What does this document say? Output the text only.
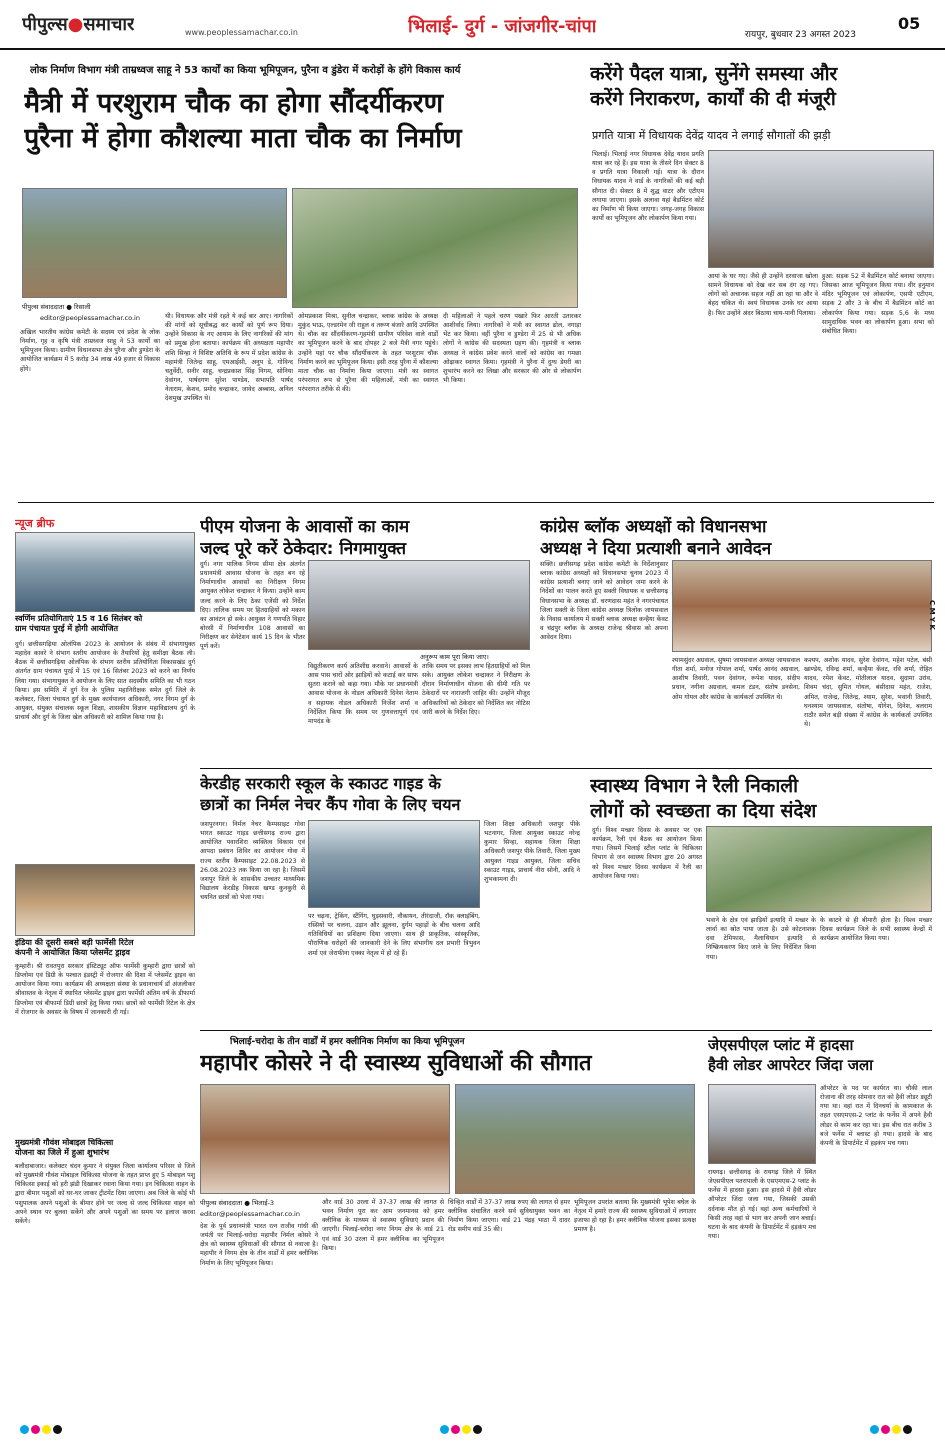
पीपुल्स●समाचार	www.peoplessamachar.co.in	भिलाई- दुर्ग - जांजगीर-चांपा	रायपुर, बुधवार 23 अगस्त 2023
05
लोक निर्माण विभाग मंत्री ताम्रध्वज साहू ने 53 कार्यों का किया भूमिपूजन, पुरैना व डुंडेरा में करोड़ों के होंगे विकास कार्य
मैत्री में परशुराम चौक का होगा सौंदर्यीकरण
पुरैना में होगा कौशल्या माता चौक का निर्माण
पीपुल्स संवाददाता ● रिसाली
editor@peoplessamachar.co.in
अखिल भारतीय कांग्रेस कमेटी के सदस्य एवं प्रदेश के लोक निर्माण, गृह व कृषि मंत्री ताम्रध्वज साहू ने 53 कार्यों का भूमिपूजन किया। ग्रामीण विधानसभा क्षेत्र पुरैना और डुण्डेरा के आयोजित कार्यक्रम में 5 करोड़ 34 लाख 49 हजार से विकास होंगे।
थी। विधायक और मंत्री रहते ये कई बार आए। नागरिकों की मांगों को सूचीबद्ध कर कार्यों को पूर्ण रूप दिया। उन्होंने विकास के नए आयाम के लिए नागरिकों की मांग को प्रमुख होना बताया। कार्यक्रम की अध्यक्षता महापौर शशि सिन्हा ने विशिष्ट अतिथि के रूप में प्रदेश कांग्रेस के महामंत्री जितेन्द्र साहू, एमआईसी, अनुप डे, गोविन्द चतुर्वेदी, सनीर साहू, चन्द्रप्रकाश सिंह निगम, सोनिया देवांगन, पार्षदगण सुरेश पाण्डेय, सभापति पार्षद नेताराम, केशव, प्रमोद चन्द्राकर, जावेद अब्बास, अनिल देशमुख उपस्थित थे।
ओमप्रकाश मिश्रा, सुनील चन्द्राकर, ब्लाक कांग्रेस के अध्यक्ष मुकुंद भाऊ, एल्डरमेन जी राहुल व तरूण बंजारे आदि उपस्थित थे। चौक का सौंदर्यीकरण-गृहमंत्री ग्रामीण परिवेश वाले वार्डों का भूमिपूजन करने के बाद दोपहर 2 बजे मैत्री नगर पहुंचे। उन्होंने यहां पर चौक सौंदर्यीकरण के तहत परशुराम चौक निर्माण करने का भूमिपूजन किया। इसी तरह पुरैना में कौशल्या माता चौक का निर्माण किया जाएगा। मंत्री का स्वागत परंपरागत रूप से पुरैना की महिलाओं, मंत्री का स्वागत परंपरागत तरीके से की।
दी महिलाओं ने पहले चरण पखारे फिर आरती उतारकर आशीर्वाद लिया। नागरिकों ने मंत्री का स्वागत ढोल, नगाड़ा भेंट कर किया। वहीं पुरैना व डुण्डेरा में 25 से भी अधिक लोगों ने कांग्रेस की सदस्यता ग्रहण की। गृहमंत्री व ब्लाक अध्यक्ष ने कांग्रेस प्रवेश करने वालों को कांग्रेस का गमछा ओढ़ाकर स्वागत किया। गृहमंत्री ने पुरैना में दुग्ध डेयरी का शुभारंभ करने का लिखा और सरकार की ओर से लोकार्पण भी किया।
करेंगे पैदल यात्रा, सुनेंगे समस्या और
करेंगे निराकरण, कार्यों की दी मंजूरी
प्रगति यात्रा में विधायक देवेंद्र यादव ने लगाई सौगातों की झड़ी
भिलाई। भिलाई नगर विधायक देवेंद्र यादव प्रगति यात्रा कर रहे हैं। इस यात्रा के तीसरे दिन सेक्टर 8 व प्रगति यात्रा निकाली गई। यात्रा के दौरान विधायक यादव ने वार्ड के नागरिकों की कई बड़ी सौगात दी। सेक्टर 8 में शुद्ध वाटर और एटीएम लगाया जाएगा। इसके अलावा यहां बैडमिंटन कोर्ट का निर्माण भी किया जाएगा। जगह-जगह विकास कार्यों का भूमिपूजन और लोकार्पण किया गया।
आयां के घर गए। जैसे ही उन्होंने दरवाजा खोला सामने विधायक को देख कर सब दंग रह गए। लोगों को अचानक सहज नहीं आ रहा था और वे बेहद चकित थे। स्वयं विधायक उनके घर आया है। फिर उन्होंने अंदर बिठाया चाय-पानी पिलाया।
हुआ: सड़क 52 में बैडमिंटन कोर्ट बनाया जाएगा। जिसका आज भूमिपूजन किया गया। वीर हनुमान मंदिर भूमिपूजन एवं लोकार्पण, एसपी एटीएम, सड़क 2 और 3 के बीच में बैडमिंटन कोर्ट का लोकार्पण किया गया। सड़क 5,6 के मध्य सामुदायिक भवन का लोकार्पण हुआ। सभा को संबोधित किया।
न्यूज ब्रीफ
स्वर्णिम प्रतियोगिताएं 15 व 16 सितंबर को
ग्राम पंचायत पुरई में होगी आयोजित
दुर्ग। छत्तीसगढ़िया ओलंपिक 2023 के आयोजन के संबंध में संभागायुक्त महादेव कावरे ने संभाग स्तरीय आयोजन के तैयारियों हेतु समीक्षा बैठक ली। बैठक में छत्तीसगढ़िया ओलंपिक के संभाग स्तरीय प्रतियोगिता विकासखंड दुर्ग अंतर्गत ग्राम पंचायत पुरई में 15 एवं 16 सितंबर 2023 को करने का निर्णय लिया गया। संभागायुक्त ने आयोजन के लिए सात सदस्यीय समिति का भी गठन किया। इस समिति में दुर्ग रेंज के पुलिस महानिरीक्षक समेत दुर्ग जिले के कलेक्टर, जिला पंचायत दुर्ग के मुख्य कार्यपालन अधिकारी, नगर निगम दुर्ग के आयुक्त, संयुक्त संचालक स्कूल शिक्षा, शासकीय विज्ञान महाविद्यालय दुर्ग के प्राचार्य और दुर्ग के जिला खेल अधिकारी को शामिल किया गया है।
इंडिया की दूसरी सबसे बड़ी फार्मेसी रिटेल
कंपनी ने आयोजित किया प्लेसमेंट ड्राइव
कुम्हारी। श्री रावतपुरा सरकार इंस्टिट्यूट ऑफ फार्मेसी कुम्हारी द्वारा छात्रों को डिप्लोमा एवं डिग्री के पश्चात इंडस्ट्री में रोजगार की दिशा में प्लेसमेंट ड्राइव का आयोजन किया गया। कार्यक्रम की अध्यक्षता संस्था के प्रधानाचार्य डॉ अंजलीकर श्रीवास्तव के नेतृत्व में स्थापित प्लेसमेंट ड्राइव द्वारा फार्मेसी अंतिम वर्ष के डीफार्मा डिप्लोमा एवं बीफार्मा डिग्री छात्रों हेतु किया गया। छात्रों को फार्मेसी रिटेल के क्षेत्र में रोजगार के अवसर के विषय में जानकारी दी गई।
मुख्यमंत्री गौवंश मोबाइल चिकित्सा
योजना का जिले में हुआ शुभारंभ
बलौदाबाजार। कलेक्टर चंदन कुमार ने संयुक्त जिला कार्यालय परिसर से जिले को मुख्यमंत्री गौवंश मोबाइल चिकित्सा योजना के तहत प्राप्त हुए 5 मोबाइल पशु चिकित्सा इकाई को हरी झंडी दिखाकर रवाना किया गया। इन चिकित्सा वाहन के द्वारा बीमार पशुओं को घर-घर जाकर ट्रीटमेंट दिया जाएगा। अब जिले के कोई भी पशुपालक अपने पशुओं के बीमार होने पर जल्द से जल्द चिकित्सा वाहन को अपने स्थान पर बुलवा सकेंगे और अपने पशुओं का समय पर इलाज करवा सकेंगे।
पीएम योजना के आवासों का काम
जल्द पूरे करें ठेकेदार: निगमायुक्त
दुर्ग। नगर पालिक निगम सीमा क्षेत्र अंतर्गत प्रधानमंत्री आवास योजना के तहत बन रहे निर्माणाधीन आवासों का निरीक्षण निगम आयुक्त लोकेश चन्द्राकर ने किया। उन्होंने काम जल्द करने के लिए ठेका एजेंसी को निर्देश दिए। तालिक समय पर हितग्राहियों को मकान का आवंटन हो सके। आयुक्त ने गणपति विहार बोरसी में निर्माणाधीन 108 आवासों का निरीक्षण कर सेनेटेशन कार्य 15 दिन के भीतर पूर्ण करें।
अनुरूप काम पूरा किया जाए।
विद्युतीकरण कार्य अतिशीघ्र करवाने। आवासों के आस पास चारों ओर झाड़ियों को कटाई कर साफ सुतरा कराने को कहा गया। मौके पर प्रधानमंत्री आवास योजना के नोडल अधिकारी दिनेश नेताम व सहायक नोडल अधिकारी निर्जेश शर्मा व निर्देशित किया कि समय पर गुणवत्तापूर्ण एवं मापदंड के
ताकि समय पर इसका लाभ हितग्राहियों को मिल सके। आयुक्त लोकेश चन्द्राकर ने निरीक्षण के दौरान निर्माणाधीन योजना की धीमी गति पर ठेकेदारों पर नाराजगी जाहिर की। उन्होंने मौजूद अधिकारियों को ठेकेदार को निर्देशित कर नोटिस जारी करने के निर्देश दिए।
कांग्रेस ब्लॉक अध्यक्षों को विधानसभा
अध्यक्ष ने दिया प्रत्याशी बनाने आवेदन
सक्ति। छत्तीसगढ़ प्रदेश कांग्रेस कमेटी के निर्देशानुसार ब्लाक कांग्रेस अध्यक्षों को विधानसभा चुनाव 2023 में कांग्रेस प्रत्याशी बनाए जाने को आवेदन जमा करने के निर्देशों का पालन करते हुए सक्ती विधायक व छत्तीसगढ़ विधानसभा के अध्यक्ष डॉ. चरणदास महंत ने नगरपंचायत जिला सक्ती के जिला कांग्रेस अध्यक्ष त्रिलोक जायसवाल के निवास कार्यालय में सक्ती ब्लाक अध्यक्ष कन्हैया केंवट व चंद्रपुर ब्लॉक के अध्यक्ष राजेन्द्र श्रीवास को अपना आवेदन दिया।
श्यामसुंदर अग्रवाल, सुषमा जायसवाल अध्यक्ष जायसवाल गीता शर्मा, मनोज गोपाल शर्मा, पार्षद आनंद अग्रवाल, आशीष तिवारी, पवन देवांगन, रूपेश यादव, संदीप प्रधान, नगीना अग्रवाल, कमल टंडन, संतोष डनसेना, ओम गोयल और कांग्रेस के कार्यकर्ता उपस्थित थे।
कश्यप, अशोक यादव, सुरेश देवांगन, महेश पटेल, बंसी खाण्डेय, रविन्द्र शर्मा, कन्हैया केंवट, रवि शर्मा, रोहित यादव, रमेश केंवट, मोतीलाल यादव, सुदामा उरांव, शिवम चंदा, सुमित गोयल, बंसीदास महंत, राजेश, अमित, राजेन्द्र, जितेन्द्र, श्याम, सुरेश, भवानी तिवारी, घनश्याम जायसवाल, संतोषा, योगेश, दिनेश, बलराम राठौर समेत बड़ी संख्या में कांग्रेस के कार्यकर्ता उपस्थित थे।
केरडीह सरकारी स्कूल के स्काउट गाइड के
छात्रों का निर्मल नेचर कैंप गोवा के लिए चयन
जशपुरनगर। निर्मल नेचर कैम्पसाइट गोवा भारत स्काउट गाइड छत्तीसगढ़ राज्य द्वारा आयोजित पवारशिरा व्यक्तित्व विकास एवं आपदा प्रबंधन शिविर का आयोजन गोवा में राज्य स्तरीय कैंम्पसाइट 22.08.2023 से 26.08.2023 तक किया जा रहा है। जिसमें जशपुर जिले के शासकीय उच्चतर माध्यमिक विद्यालय केरडीह विकास खण्ड कुनकुरी से चयनित छात्रों को भेजा गया।
पर चढ़ना, ट्रेकिंग, स्टैंगिंग, घुड़सवारी, नौकायन, तीरंदाजी, रॉक क्लाइंबिंग, रस्सियों पर चलना, उड़ान और झूलना, दुर्गम पहाड़ों के बीच चलना आदि गतिविधियों का प्रशिक्षण दिया जाएगा। साथ ही प्राकृतिक, सांस्कृतिक, पौराणिक धरोहरों की जानकारी देने के लिए संभागीय दल प्रभारी त्रिभुवन शर्मा एवं जेराफीना एक्का नेतृत्व में हो रहे हैं।
जिला शिक्षा अधिकारी जशपुर पीके भटनागर, जिला आयुक्त स्काउट नरेन्द्र कुमार सिन्हा, सहायक जिला शिक्षा अधिकारी जशपुर पीके तिवारी, जिला मुख्य आयुक्त गाइड आयुक्त, जिला सचिव स्काउट गाइड, प्राचार्य नीरा सोनी, आदि ने शुभकामना दी।
स्वास्थ्य विभाग ने रैली निकाली
लोगों को स्वच्छता का दिया संदेश
दुर्ग। विश्व मच्छर दिवस के अवसर पर एक कार्यक्रम, रैली एवं बैठक का आयोजन किया गया। जिसमें भिलाई स्टील प्लांट के चिकित्सा विभाग से जन स्वास्थ्य विभाग द्वारा 20 अगस्त को विश्व मच्छर दिवस कार्यक्रम में रैली का आयोजन किया गया।
भवाने के क्षेत्र एवं झाड़ियों इत्यादि में मच्छर के लार्वा का स्रोत पाया जाता है। उसे कोटनाशक दवा टेमिफास, मैलाथियान इत्यादि से निष्क्रियकरण किए जाने के लिए निर्देशित किया गया।
के काटने से ही बीमारी होता है। विश्व मच्छर दिवस कार्यक्रम जिले के सभी स्वास्थ्य केन्द्रों में कार्यक्रम आयोजित किया गया।
भिलाई-चरोदा के तीन वार्डों में हमर क्लीनिक निर्माण का किया भूमिपूजन
महापौर कोसरे ने दी स्वास्थ्य सुविधाओं की सौगात
पीपुल्स संवाददाता ● भिलाई-3
editor@peoplessamachar.co.in
देश के पूर्व प्रधानमंत्री भारत रत्न राजीव गांधी की जयंती पर भिलाई-चरोदा महापौर निर्मल कोसरे ने क्षेत्र को स्वास्थ्य सुविधाओं की सौगात से नवाजा है। महापौर ने निगम क्षेत्र के तीन वार्डों में हमर क्लीनिक निर्माण के लिए भूमिपूजन किया।
और वार्ड 30 उरला में 37-37 लाख की लागत से भवन निर्माण पूरा कर आम जनमानस को हमर क्लीनिक के माध्यम से स्वास्थ्य सुविधाएं प्रदान की जाएगी। भिलाई-चरोदा नगर निगम क्षेत्र के वार्ड 21 एवं वार्ड 30 उरला में हमर क्लीनिक का भूमिपूजन किया।
चिन्हित वार्डों में 37-37 लाख रुपए की लागत से हमर क्लीनिक संचालित करने सर्व सुविधायुक्त भवन का निर्माण किया जाएगा। वार्ड 21 पंद्रह भाठा में दादर रोड समीप वार्ड 35 की।
भूमिपूजन उपरांत बताया कि मुख्यमंत्री भूपेश बघेल के नेतृत्व में हमारे राज्य की स्वास्थ्य सुविधाओं में लगातार इजाफा हो रहा है। हमर क्लीनिक योजना इसका प्रत्यक्ष प्रमाण है।
जेएसपीएल प्लांट में हादसा
हैवी लोडर आपरेटर जिंदा जला
रायगढ़। छत्तीसगढ़ के रायगढ़ जिले में स्थित जेएसपीएल पतरापाली के एसएमएस-2 प्लांट के फर्नेस में हादसा हुआ। इस हादसे में हैवी लोडर ऑपरेटर जिंदा जला गया, जिसकी उसकी दर्दनाक मौत हो गई। वहां अन्य कर्मचारियों ने किसी तरह वहां से भाग कर अपनी जान बचाई। घटना के बाद कंपनी के डिपार्टमेंट में हड़कंप मच गया।
ऑपरेटर के पद पर कार्यरत था। चौकी लाल रोजाना की तरह सोमवार रात को हैवी लोडर ड्यूटी गया था। वहां रात में दिनचर्या के कामकाज के तहत एसएमएस-2 प्लांट के फर्नेस में अपने हैवी लोडर से काम कर रहा था। इस बीच रात करीब 3 बजे फर्नेस में ब्लास्ट हो गया। हादसे के बाद कंपनी के डिपार्टमेंट में हड़कंप मच गया।
C M Y K
